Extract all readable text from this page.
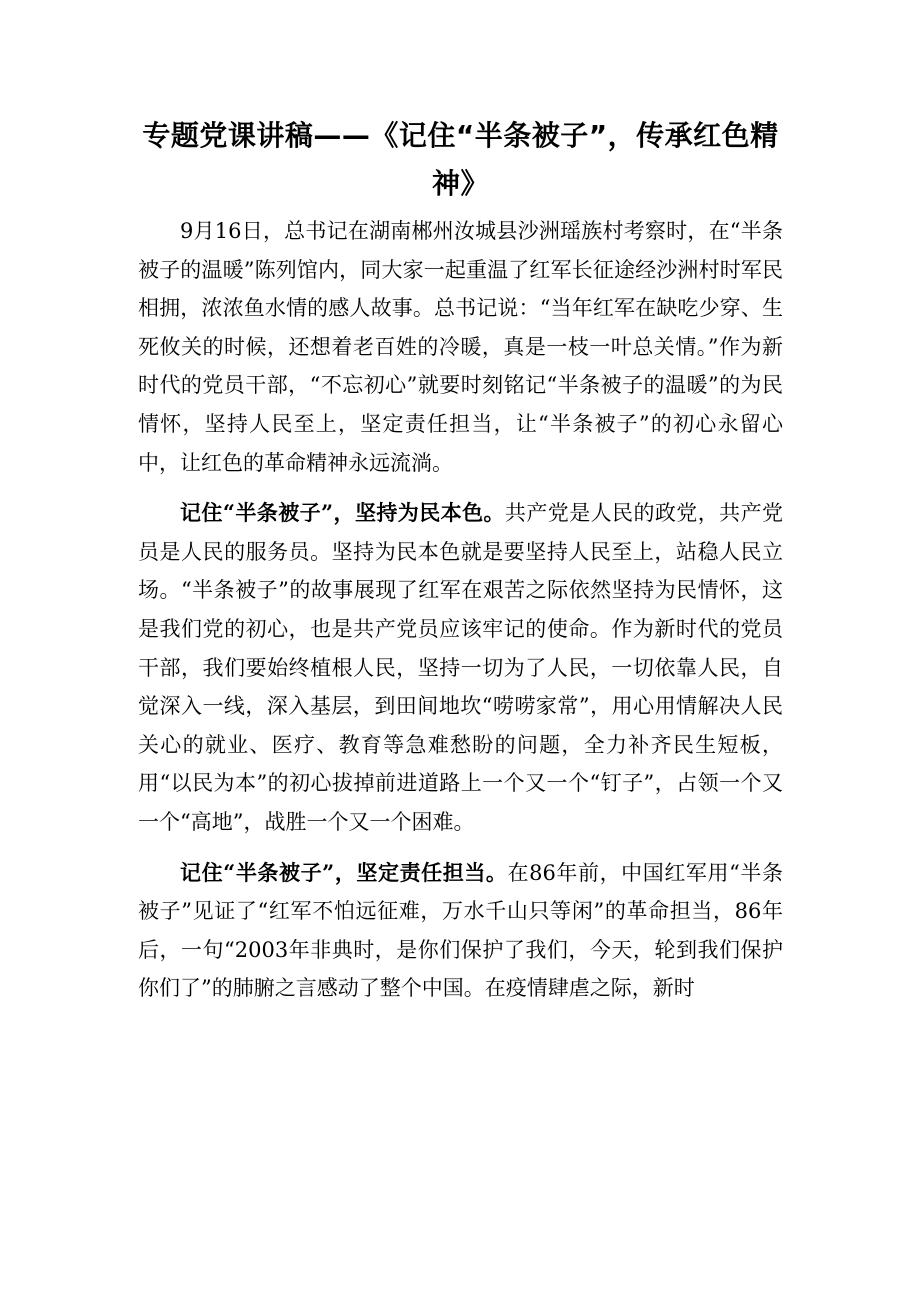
专题党课讲稿——《记住“半条被子”，传承红色精神》

9月16日，总书记在湖南郴州汝城县沙洲瑶族村考察时，在“半条被子的温暖”陈列馆内，同大家一起重温了红军长征途经沙洲村时军民相拥，浓浓鱼水情的感人故事。总书记说：“当年红军在缺吃少穿、生死攸关的时候，还想着老百姓的冷暖，真是一枝一叶总关情。”作为新时代的党员干部，“不忘初心”就要时刻铭记“半条被子的温暖”的为民情怀，坚持人民至上，坚定责任担当，让“半条被子”的初心永留心中，让红色的革命精神永远流淌。

记住“半条被子”，坚持为民本色。共产党是人民的政党，共产党员是人民的服务员。坚持为民本色就是要坚持人民至上，站稳人民立场。“半条被子”的故事展现了红军在艰苦之际依然坚持为民情怀，这是我们党的初心，也是共产党员应该牢记的使命。作为新时代的党员干部，我们要始终植根人民，坚持一切为了人民，一切依靠人民，自觉深入一线，深入基层，到田间地坎“唠唠家常”，用心用情解决人民关心的就业、医疗、教育等急难愁盼的问题，全力补齐民生短板，用“以民为本”的初心拔掉前进道路上一个又一个“钉子”，占领一个又一个“高地”，战胜一个又一个困难。

记住“半条被子”，坚定责任担当。在86年前，中国红军用“半条被子”见证了“红军不怕远征难，万水千山只等闲”的革命担当，86年后，一句“2003年非典时，是你们保护了我们，今天，轮到我们保护你们了”的肺腑之言感动了整个中国。在疫情肆虐之际，新时
